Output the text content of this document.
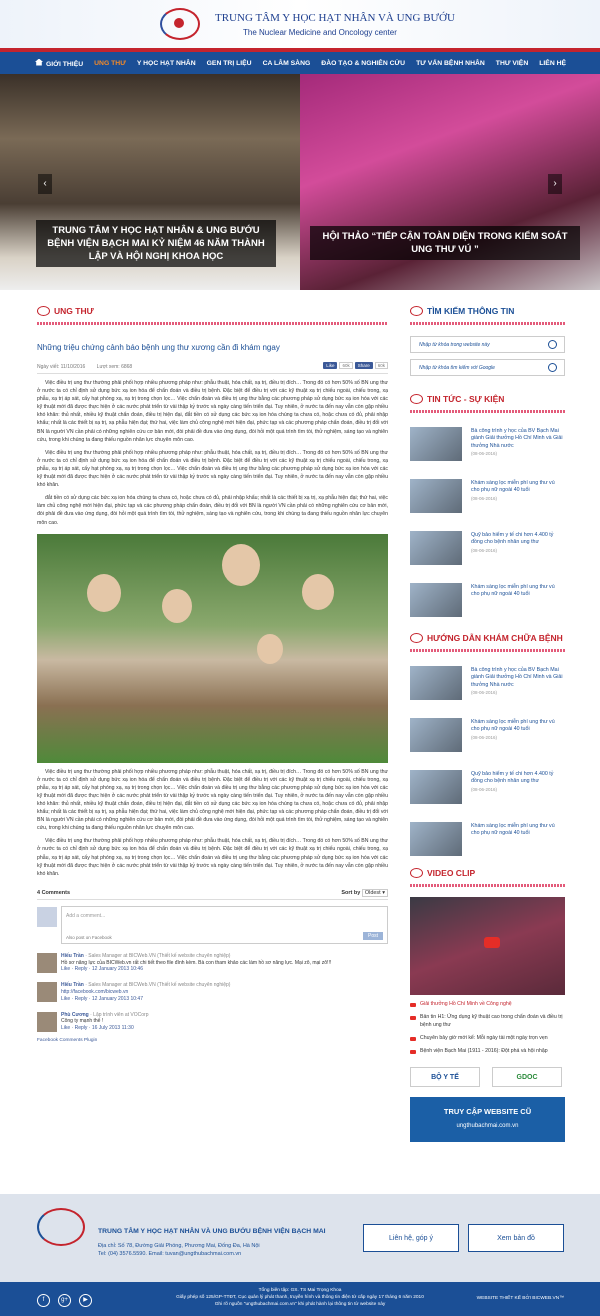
TRUNG TÂM Y HỌC HẠT NHÂN VÀ UNG BƯỚU
The Nuclear Medicine and Oncology center
GIỚI THIỆU UNG THƯ Y HỌC HẠT NHÂN GEN TRỊ LIỆU CA LÂM SÀNG ĐÀO TẠO & NGHIÊN CỨU TƯ VẤN BỆNH NHÂN THƯ VIỆN LIÊN HỆ
TRUNG TÂM Y HỌC HẠT NHÂN & UNG BƯỚU BỆNH VIỆN BẠCH MAI KỶ NIỆM 46 NĂM THÀNH LẬP VÀ HỘI NGHỊ KHOA HỌC
HỘI THẢO “TIẾP CẬN TOÀN DIỆN TRONG KIỂM SOÁT UNG THƯ VÚ ”
‹	›
UNG THƯ
Những triệu chứng cảnh báo bệnh ung thư xương cần đi khám ngay
Ngày viết: 11/10/2016 Lượt xem: 6868	Like	60k	Share	60k

Việc điều trị ung thư thường phải phối hợp nhiều phương pháp như: phẫu thuật, hóa chất, xạ trị, điều trị đích… Trong đó có hơn 50% số BN ung thư ở nước ta có chỉ định sử dụng bức xạ ion hóa để chẩn đoán và điều trị bệnh. Đặc biệt để điều trị với các kỹ thuật xạ trị chiếu ngoài, chiếu trong, xạ phẫu, xạ trị áp sát, cấy hạt phóng xạ, xạ trị trong chọn lọc… Việc chẩn đoán và điều trị ung thư bằng các phương pháp sử dụng bức xạ ion hóa với các kỹ thuật mới đã được thực hiện ở các nước phát triển từ vài thập kỷ trước và ngày càng tiến triển đại. Tuy nhiên, ở nước ta đến nay vẫn còn gặp nhiều khó khăn: thủ nhất, nhiều kỹ thuật chẩn đoán, điều trị hiện đại, đắt tiền có sử dụng các bức xạ ion hóa chúng ta chưa có, hoặc chưa có đủ, phải nhập khẩu; nhất là các thiết bị xạ trị, xạ phẫu hiện đại; thứ hai, việc làm chủ công nghệ mới hiện đại, phức tạp và các phương pháp chẩn đoán, điều trị đối với BN là người VN cần phải có những nghiên cứu cơ bản mới, đòi phải đề đưa vào ứng dụng, đòi hỏi một quá trình tìm tòi, thử nghiệm, sáng tạo và nghiên cứu, trong khi chúng ta đang thiếu nguồn nhân lực chuyên môn cao.

Việc điều trị ung thư thường phải phối hợp nhiều phương pháp như: phẫu thuật, hóa chất, xạ trị, điều trị đích… Trong đó có hơn 50% số BN ung thư ở nước ta có chỉ định sử dụng bức xạ ion hóa để chẩn đoán và điều trị bệnh. Đặc biệt để điều trị với các kỹ thuật xạ trị chiếu ngoài, chiếu trong, xạ phẫu, xạ trị áp sát, cấy hạt phóng xạ, xạ trị trong chọn lọc… Việc chẩn đoán và điều trị ung thư bằng các phương pháp sử dụng bức xạ ion hóa với các kỹ thuật mới đã được thực hiện ở các nước phát triển từ vài thập kỷ trước và ngày càng tiến triển đại. Tuy nhiên, ở nước ta đến nay vẫn còn gặp nhiều khó khăn.

đắt tiền có sử dụng các bức xạ ion hóa chúng ta chưa có, hoặc chưa có đủ, phải nhập khẩu; nhất là các thiết bị xạ trị, xạ phẫu hiện đại; thứ hai, việc làm chủ công nghệ mới hiện đại, phức tạp và các phương pháp chẩn đoán, điều trị đối với BN là người VN cần phải có những nghiên cứu cơ bản mới, đòi phải đề đưa vào ứng dụng, đòi hỏi một quá trình tìm tòi, thử nghiệm, sáng tạo và nghiên cứu, trong khi chúng ta đang thiếu nguồn nhân lực chuyên môn cao.

Việc điều trị ung thư thường phải phối hợp nhiều phương pháp như: phẫu thuật, hóa chất, xạ trị, điều trị đích… Trong đó có hơn 50% số BN ung thư ở nước ta có chỉ định sử dụng bức xạ ion hóa để chẩn đoán và điều trị bệnh. Đặc biệt để điều trị với các kỹ thuật xạ trị chiếu ngoài, chiếu trong, xạ phẫu, xạ trị áp sát, cấy hạt phóng xạ, xạ trị trong chọn lọc… Việc chẩn đoán và điều trị ung thư bằng các phương pháp sử dụng bức xạ ion hóa với các kỹ thuật mới đã được thực hiện ở các nước phát triển từ vài thập kỷ trước và ngày càng tiến triển đại. Tuy nhiên, ở nước ta đến nay vẫn còn gặp nhiều khó khăn: thủ nhất, nhiều kỹ thuật chẩn đoán, điều trị hiện đại, đắt tiền có sử dụng các bức xạ ion hóa chúng ta chưa có, hoặc chưa có đủ, phải nhập khẩu; nhất là các thiết bị xạ trị, xạ phẫu hiện đại; thứ hai, việc làm chủ công nghệ mới hiện đại, phức tạp và các phương pháp chẩn đoán, điều trị đối với BN là người VN cần phải có những nghiên cứu cơ bản mới, đòi phải đề đưa vào ứng dụng, đòi hỏi một quá trình tìm tòi, thử nghiệm, sáng tạo và nghiên cứu, trong khi chúng ta đang thiếu nguồn nhân lực chuyên môn cao.

Việc điều trị ung thư thường phải phối hợp nhiều phương pháp như: phẫu thuật, hóa chất, xạ trị, điều trị đích… Trong đó có hơn 50% số BN ung thư ở nước ta có chỉ định sử dụng bức xạ ion hóa để chẩn đoán và điều trị bệnh. Đặc biệt để điều trị với các kỹ thuật xạ trị chiếu ngoài, chiếu trong, xạ phẫu, xạ trị áp sát, cấy hạt phóng xạ, xạ trị trong chọn lọc… Việc chẩn đoán và điều trị ung thư bằng các phương pháp sử dụng bức xạ ion hóa với các kỹ thuật mới đã được thực hiện ở các nước phát triển từ vài thập kỷ trước và ngày càng tiến triển đại. Tuy nhiên, ở nước ta đến nay vẫn còn gặp nhiều khó khăn.

4 Comments	Sort by Oldest ▾
Add a comment...
Also post on Facebook	Post
Hiếu Trần · Sales Manager at BICWeb.VN (Thiết kế website chuyên nghiệp)
Hồ sơ năng lực của BICWeb.vn rất chi tiết theo file đính kèm. Bà con tham khảo các làm hồ sơ năng lực. Mại zô, mại zô!!!
Like · Reply · 12 January 2013 10:46
Hiếu Trần · Sales Manager at BICWeb.VN (Thiết kế website chuyên nghiệp)
http://facebook.com/bicweb.vn
Like · Reply · 12 January 2013 10:47
Phù Cương · Lập trình viên at VOCorp
Công ty mạnh thế !
Like · Reply · 16 July 2013 11:30
Facebook Comments Plugin
TÌM KIẾM THÔNG TIN
Nhập từ khóa trong website này
Nhập từ khóa tìm kiếm với Google
TIN TỨC - SỰ KIỆN
Bà công trình y học của BV Bạch Mai giành Giải thưởng Hồ Chí Minh và Giải thưởng Nhà nước
(08-06-2016)
Khám sàng lọc miễn phí ung thư vú cho phụ nữ ngoài 40 tuổi
(08-06-2016)
Quỹ bảo hiểm y tế chi hơn 4.400 tỷ đồng cho bệnh nhân ung thư
(08-06-2016)
Khám sàng lọc miễn phí ung thư vú cho phụ nữ ngoài 40 tuổi
HƯỚNG DẪN KHÁM CHỮA BỆNH
Bà công trình y học của BV Bạch Mai giành Giải thưởng Hồ Chí Minh và Giải thưởng Nhà nước
(08-06-2016)
Khám sàng lọc miễn phí ung thư vú cho phụ nữ ngoài 40 tuổi
(08-06-2016)
Quỹ bảo hiểm y tế chi hơn 4.400 tỷ đồng cho bệnh nhân ung thư
(08-06-2016)
Khám sàng lọc miễn phí ung thư vú cho phụ nữ ngoài 40 tuổi
VIDEO CLIP
Giải thưởng Hồ Chí Minh về Công nghệ
Bản tin H1: Ứng dụng kỹ thuật cao trong chẩn đoán và điều trị bệnh ung thư
Chuyên bảy giờ mới kể: Mỗi ngày tài một ngày trọn vẹn
Bệnh viện Bạch Mai (1911 - 2016): Đột phá và hội nhập
BỘ Y TẾ	GDOC
TRUY CẬP WEBSITE CŨ
ungthubachmai.com.vn
TRUNG TÂM Y HỌC HẠT NHÂN VÀ UNG BƯỚU BỆNH VIỆN BẠCH MAI
Địa chỉ: Số 78, Đường Giải Phóng, Phương Mai, Đống Đa, Hà Nội
Tel: (04) 3576.5590. Email: tuvan@ungthubachmai.com.vn
Liên hệ, góp ý	Xem bản đồ
f	g+	▶
Tổng biên tập: GS. TS Mai Trọng Khoa
Giấy phép số 125/GP-TTĐT, Cục quản lý phát thanh, truyền hình và thông tin điện tử cấp ngày 17 tháng 6 năm 2010
Ghi rõ nguồn "ungthubachmai.com.vn" khi phát hành lại thông tin từ website này
WEBSITE THIẾT KẾ BỞI BICWEB.VN™
